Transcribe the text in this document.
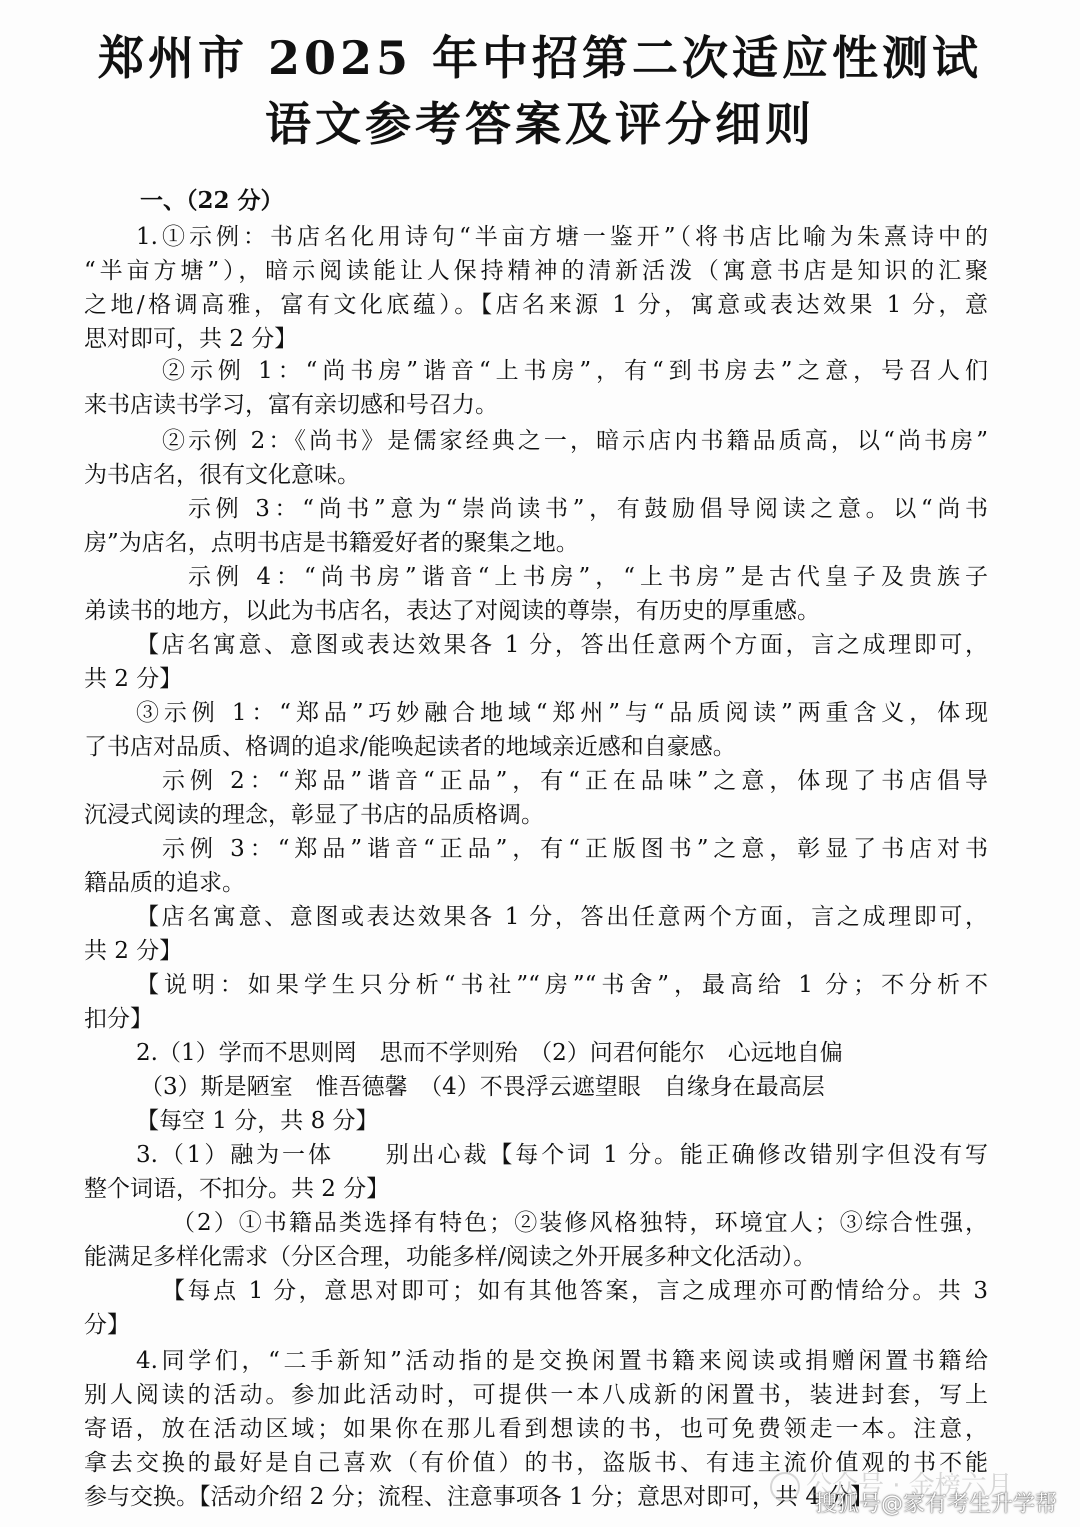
郑州市 2025 年中招第二次适应性测试
语文参考答案及评分细则
一、（22 分）
1.①示例：书店名化用诗句“半亩方塘一鉴开”（将书店比喻为朱熹诗中的
“半亩方塘”），暗示阅读能让人保持精神的清新活泼（寓意书店是知识的汇聚
之地/格调高雅，富有文化底蕴）。【店名来源 1 分，寓意或表达效果 1 分，意
思对即可，共 2 分】
②示例 1：“尚书房”谐音“上书房”，有“到书房去”之意，号召人们
来书店读书学习，富有亲切感和号召力。
②示例 2：《尚书》是儒家经典之一，暗示店内书籍品质高，以“尚书房”
为书店名，很有文化意味。
示例 3：“尚书”意为“崇尚读书”，有鼓励倡导阅读之意。以“尚书
房”为店名，点明书店是书籍爱好者的聚集之地。
示例 4：“尚书房”谐音“上书房”，“上书房”是古代皇子及贵族子
弟读书的地方，以此为书店名，表达了对阅读的尊崇，有历史的厚重感。
【店名寓意、意图或表达效果各 1 分，答出任意两个方面，言之成理即可，
共 2 分】
③示例 1：“郑品”巧妙融合地域“郑州”与“品质阅读”两重含义，体现
了书店对品质、格调的追求/能唤起读者的地域亲近感和自豪感。
示例 2：“郑品”谐音“正品”，有“正在品味”之意，体现了书店倡导
沉浸式阅读的理念，彰显了书店的品质格调。
示例 3：“郑品”谐音“正品”，有“正版图书”之意，彰显了书店对书
籍品质的追求。
【店名寓意、意图或表达效果各 1 分，答出任意两个方面，言之成理即可，
共 2 分】
【说明：如果学生只分析“书社”“房”“书舍”，最高给 1 分；不分析不
扣分】
2.（1）学而不思则罔　思而不学则殆　（2）问君何能尔　心远地自偏
（3）斯是陋室　惟吾德馨　（4）不畏浮云遮望眼　自缘身在最高层
【每空 1 分，共 8 分】
3.（1）融为一体　　别出心裁【每个词 1 分。能正确修改错别字但没有写
整个词语，不扣分。共 2 分】
（2）①书籍品类选择有特色；②装修风格独特，环境宜人；③综合性强，
能满足多样化需求（分区合理，功能多样/阅读之外开展多种文化活动）。
【每点 1 分，意思对即可；如有其他答案，言之成理亦可酌情给分。共 3
分】
4.同学们，“二手新知”活动指的是交换闲置书籍来阅读或捐赠闲置书籍给
别人阅读的活动。参加此活动时，可提供一本八成新的闲置书，装进封套，写上
寄语，放在活动区域；如果你在那儿看到想读的书，也可免费领走一本。注意，
拿去交换的最好是自己喜欢（有价值）的书，盗版书、有违主流价值观的书不能
参与交换。【活动介绍 2 分；流程、注意事项各 1 分；意思对即可，共 4 分】
公众号 · 金榜六月
搜狐号@家有考生升学帮
